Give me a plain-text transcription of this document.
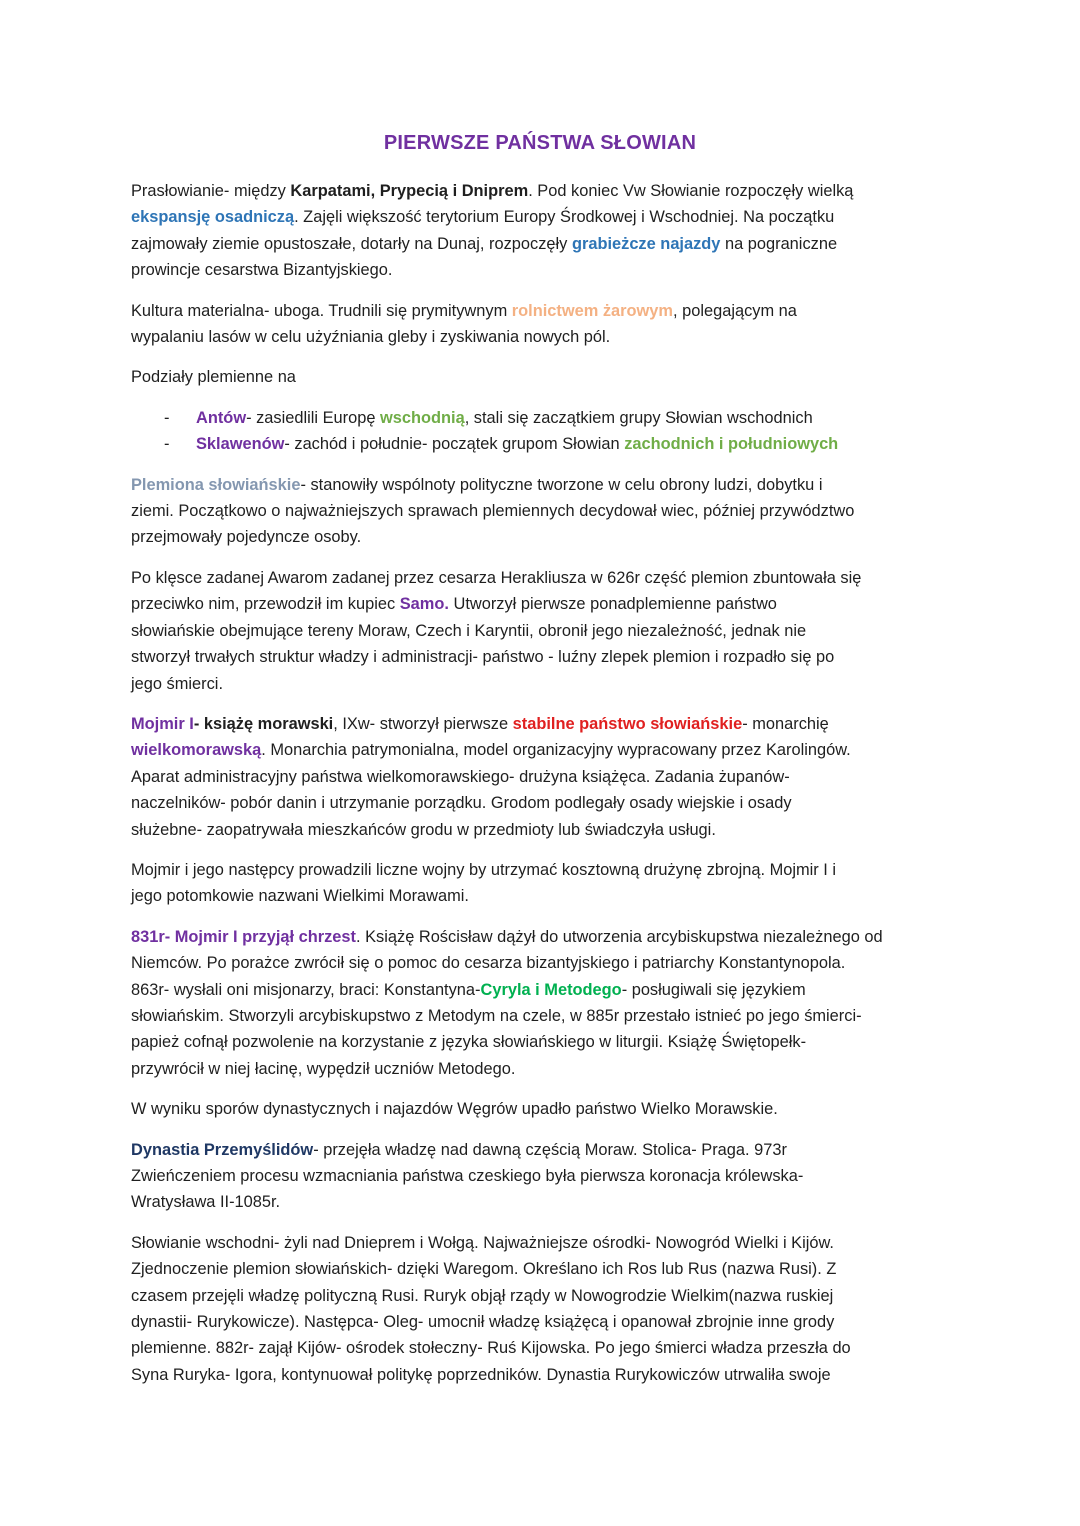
PIERWSZE PAŃSTWA SŁOWIAN

Prasłowianie- między Karpatami, Prypecią i Dniprem. Pod koniec Vw Słowianie rozpoczęły wielką

ekspansję osadniczą. Zajęli większość terytorium Europy Środkowej i Wschodniej. Na początku

zajmowały ziemie opustoszałe, dotarły na Dunaj, rozpoczęły grabieżcze najazdy na pograniczne

prowincje cesarstwa Bizantyjskiego.

Kultura materialna- uboga. Trudnili się prymitywnym rolnictwem żarowym, polegającym na

wypalaniu lasów w celu użyźniania gleby i zyskiwania nowych pól.

Podziały plemienne na

- Antów- zasiedlili Europę wschodnią, stali się zaczątkiem grupy Słowian wschodnich
- Sklawenów- zachód i południe- początek grupom Słowian zachodnich i południowych

Plemiona słowiańskie- stanowiły wspólnoty polityczne tworzone w celu obrony ludzi, dobytku i

ziemi. Początkowo o najważniejszych sprawach plemiennych decydował wiec, później przywództwo

przejmowały pojedyncze osoby.

Po klęsce zadanej Awarom zadanej przez cesarza Herakliusza w 626r część plemion zbuntowała się

przeciwko nim, przewodził im kupiec Samo. Utworzył pierwsze ponadplemienne państwo

słowiańskie obejmujące tereny Moraw, Czech i Karyntii, obronił jego niezależność, jednak nie

stworzył trwałych struktur władzy i administracji- państwo - luźny zlepek plemion i rozpadło się po

jego śmierci.

Mojmir I- książę morawski, IXw- stworzył pierwsze stabilne państwo słowiańskie- monarchię

wielkomorawską. Monarchia patrymonialna, model organizacyjny wypracowany przez Karolingów.

Aparat administracyjny państwa wielkomorawskiego- drużyna książęca. Zadania żupanów-

naczelników- pobór danin i utrzymanie porządku. Grodom podlegały osady wiejskie i osady

służebne- zaopatrywała mieszkańców grodu w przedmioty lub świadczyła usługi.

Mojmir i jego następcy prowadzili liczne wojny by utrzymać kosztowną drużynę zbrojną. Mojmir I i

jego potomkowie nazwani Wielkimi Morawami.

831r- Mojmir I przyjął chrzest. Książę Rościsław dążył do utworzenia arcybiskupstwa niezależnego od

Niemców. Po porażce zwrócił się o pomoc do cesarza bizantyjskiego i patriarchy Konstantynopola.

863r- wysłali oni misjonarzy, braci: Konstantyna-Cyryla i Metodego- posługiwali się językiem

słowiańskim. Stworzyli arcybiskupstwo z Metodym na czele, w 885r przestało istnieć po jego śmierci-

papież cofnął pozwolenie na korzystanie z języka słowiańskiego w liturgii. Książę Świętopełk-

przywrócił w niej łacinę, wypędził uczniów Metodego.

W wyniku sporów dynastycznych i najazdów Węgrów upadło państwo Wielko Morawskie.

Dynastia Przemyślidów- przejęła władzę nad dawną częścią Moraw. Stolica- Praga. 973r

Zwieńczeniem procesu wzmacniania państwa czeskiego była pierwsza koronacja królewska-

Wratysława II-1085r.

Słowianie wschodni- żyli nad Dnieprem i Wołgą. Najważniejsze ośrodki- Nowogród Wielki i Kijów.

Zjednoczenie plemion słowiańskich- dzięki Waregom. Określano ich Ros lub Rus (nazwa Rusi). Z

czasem przejęli władzę polityczną Rusi. Ruryk objął rządy w Nowogrodzie Wielkim(nazwa ruskiej

dynastii- Rurykowicze). Następca- Oleg- umocnił władzę książęcą i opanował zbrojnie inne grody

plemienne. 882r- zajął Kijów- ośrodek stołeczny- Ruś Kijowska. Po jego śmierci władza przeszła do

Syna Ruryka- Igora, kontynuował politykę poprzedników. Dynastia Rurykowiczów utrwaliła swoje
